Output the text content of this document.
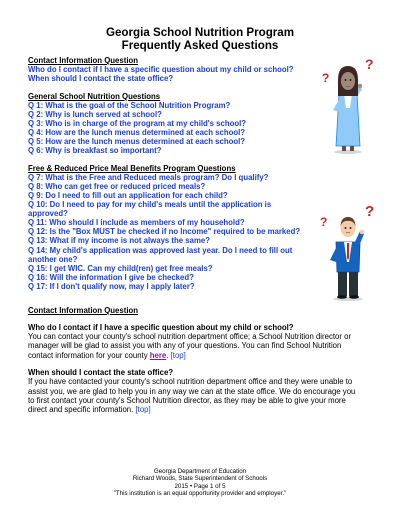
Georgia School Nutrition Program
Frequently Asked Questions
Contact Information Question
Who do I contact if I have a specific question about my child or school?
When should I contact the state office?
General School Nutrition Questions
Q 1: What is the goal of the School Nutrition Program?
Q 2: Why is lunch served at school?
Q 3: Who is in charge of the program at my child's school?
Q 4: How are the lunch menus determined at each school?
Q 5: How are the lunch menus determined at each school?
Q 6: Why is breakfast so important?
Free & Reduced Price Meal Benefits Program Questions
Q 7: What is the Free and Reduced meals program? Do I qualify?
Q 8: Who can get free or reduced priced meals?
Q 9: Do I need to fill out an application for each child?
Q 10: Do I need to pay for my child's meals until the application is
approved?
Q 11: Who should I include as members of my household?
Q 12: Is the "Box MUST be checked if no Income" required to be marked?
Q 13: What if my income is not always the same?
Q 14: My child's application was approved last year. Do I need to fill out
another one?
Q 15: I get WIC. Can my child(ren) get free meals?
Q 16: Will the information I give be checked?
Q 17: If I don't qualify now, may I apply later?
?
?
?
?
Contact Information Question
Who do I contact if I have a specific question about my child or school?
You can contact your county's school nutrition department office; a School Nutrition director or
manager will be glad to assist you with any of your questions. You can find School Nutrition
contact information for your county here. [top]
When should I contact the state office?
If you have contacted your county's school nutrition department office and they were unable to
assist you, we are glad to help you in any way we can at the state office. We do encourage you
to first contact your county's School Nutrition director, as they may be able to give your more
direct and specific information. [top]
Georgia Department of Education
Richard Woods, State Superintendent of Schools
2015 • Page 1 of 5
"This institution is an equal opportunity provider and employer."
